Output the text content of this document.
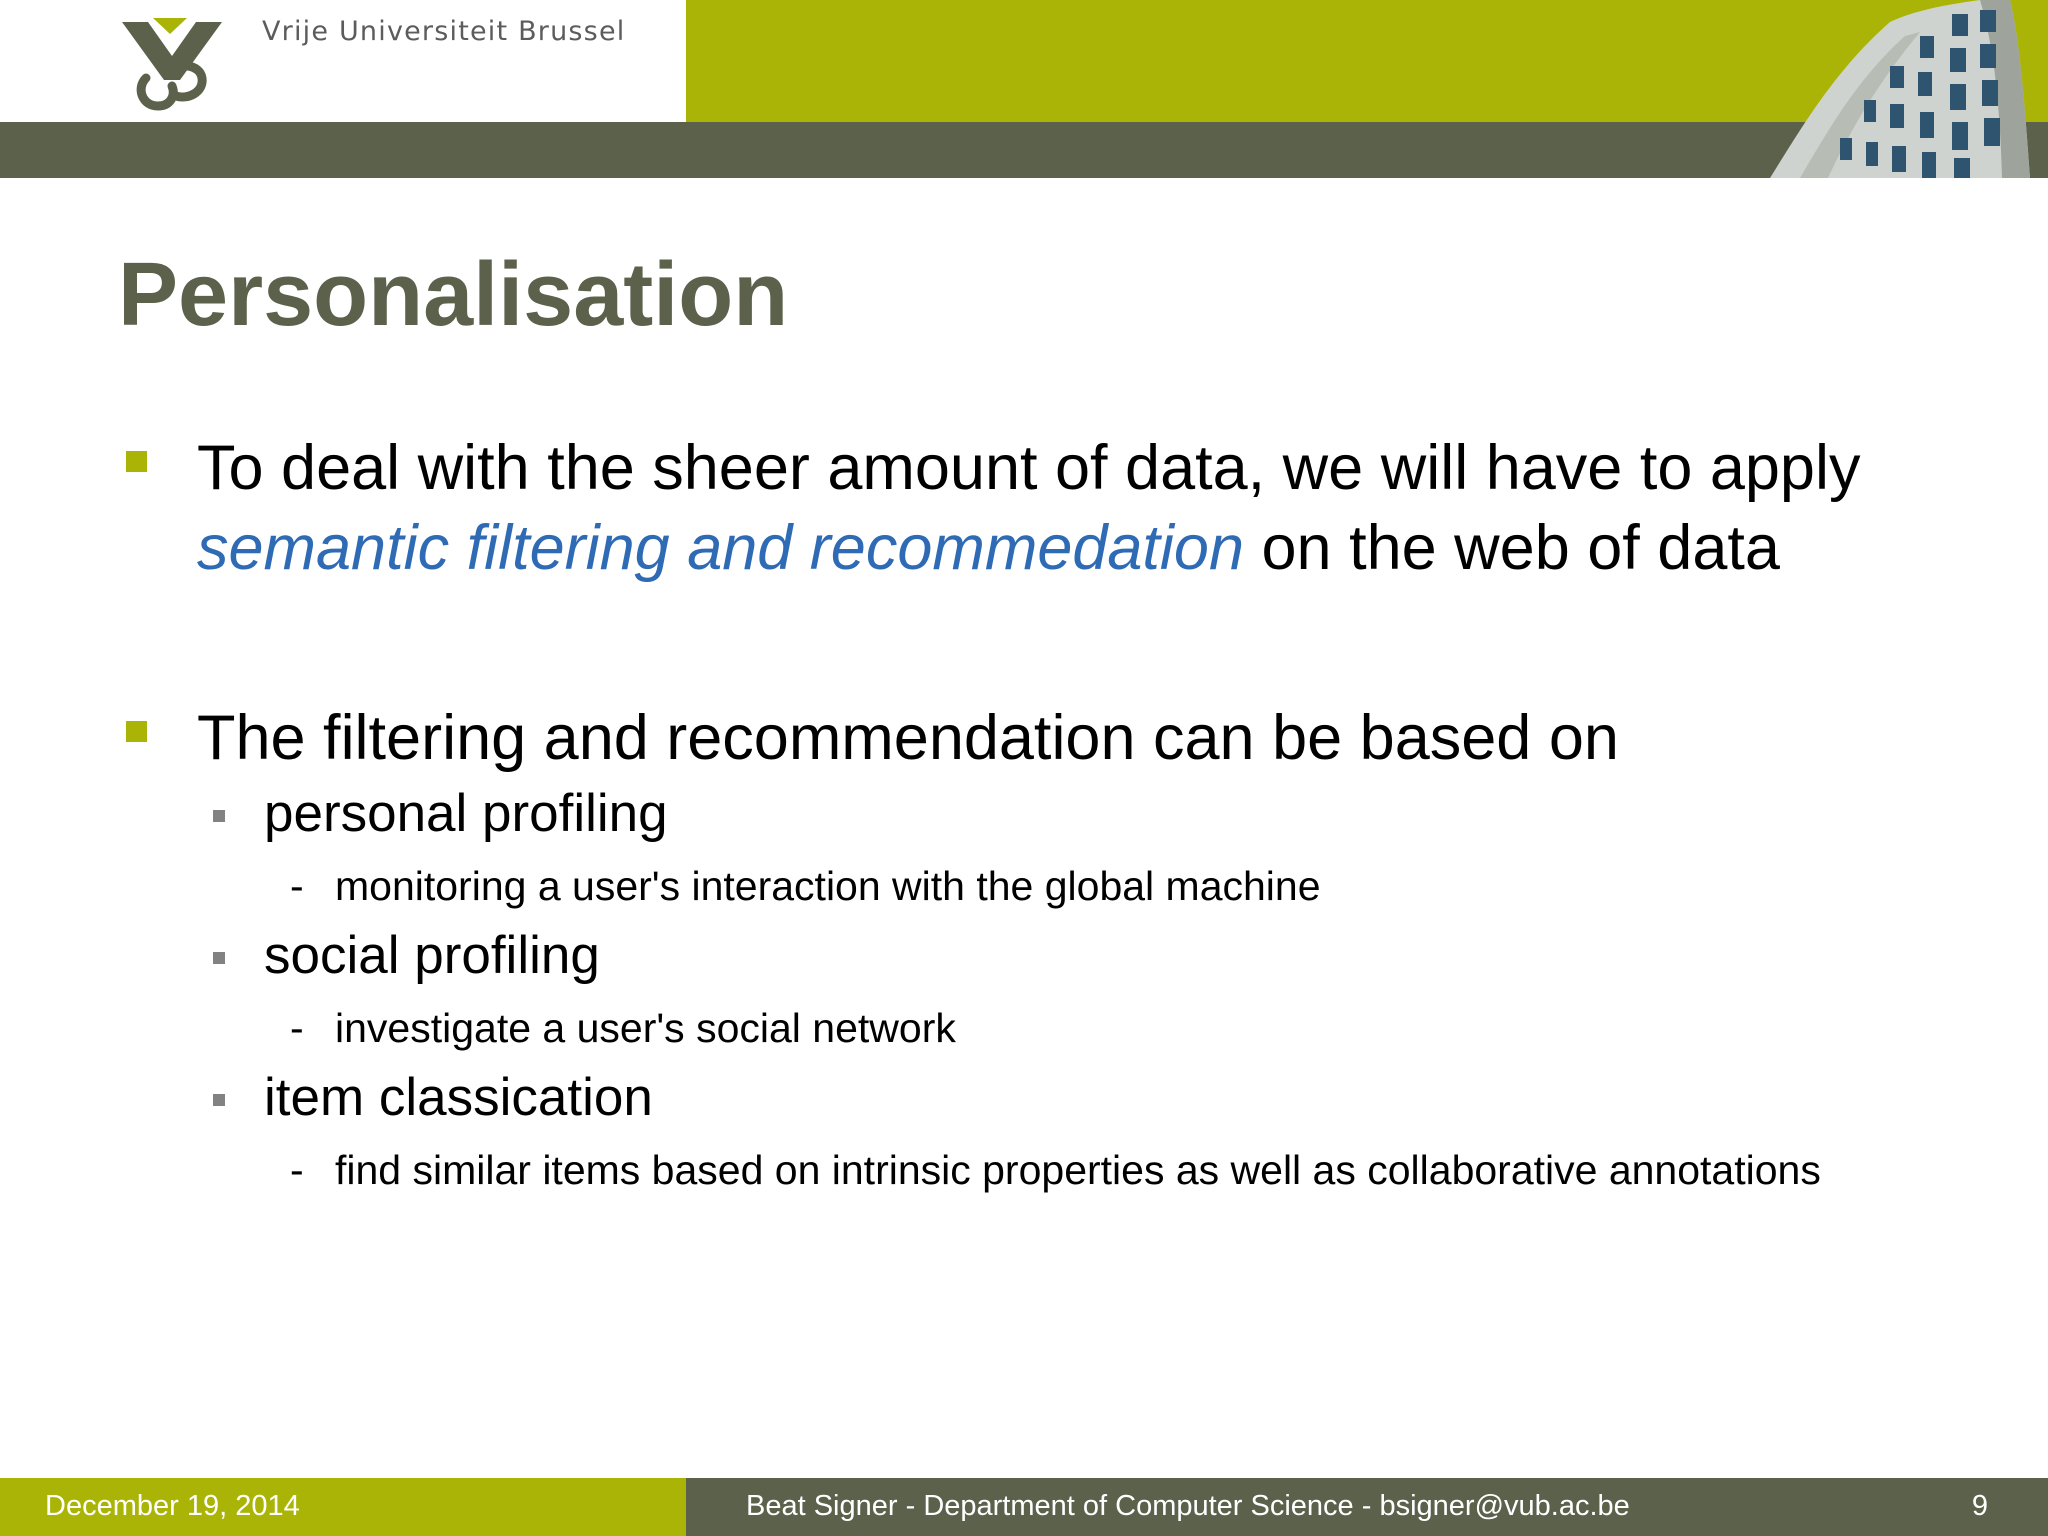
Vrije Universiteit Brussel
Personalisation
To deal with the sheer amount of data, we will have to apply semantic filtering and recommedation on the web of data
The filtering and recommendation can be based on
personal profiling
- monitoring a user's interaction with the global machine
social profiling
- investigate a user's social network
item classication
- find similar items based on intrinsic properties as well as collaborative annotations
December 19, 2014	Beat Signer - Department of Computer Science - bsigner@vub.ac.be	9
